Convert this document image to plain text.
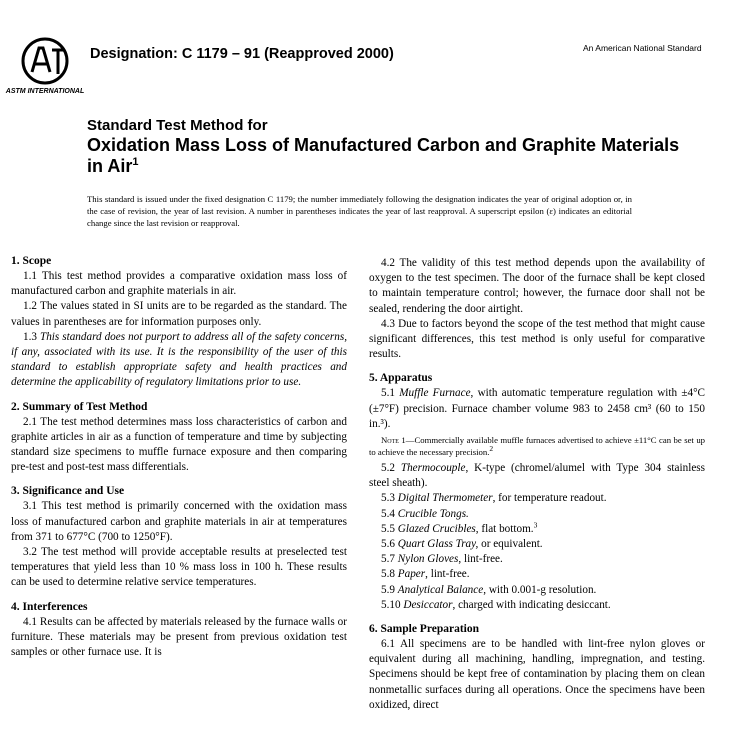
ASTM INTERNATIONAL
Designation: C 1179 – 91 (Reapproved 2000)	An American National Standard
Standard Test Method for
Oxidation Mass Loss of Manufactured Carbon and Graphite Materials in Air$^1$
This standard is issued under the fixed designation C 1179; the number immediately following the designation indicates the year of original adoption or, in the case of revision, the year of last revision. A number in parentheses indicates the year of last reapproval. A superscript epsilon (ε) indicates an editorial change since the last revision or reapproval.
1. Scope

1.1 This test method provides a comparative oxidation mass loss of manufactured carbon and graphite materials in air.

1.2 The values stated in SI units are to be regarded as the standard. The values in parentheses are for information purposes only.

1.3 This standard does not purport to address all of the safety concerns, if any, associated with its use. It is the responsibility of the user of this standard to establish appropriate safety and health practices and determine the applicability of regulatory limitations prior to use.

2. Summary of Test Method

2.1 The test method determines mass loss characteristics of carbon and graphite articles in air as a function of temperature and time by subjecting standard size specimens to muffle furnace exposure and then comparing pre-test and post-test mass differentials.

3. Significance and Use

3.1 This test method is primarily concerned with the oxidation mass loss of manufactured carbon and graphite materials in air at temperatures from 371 to 677°C (700 to 1250°F).

3.2 The test method will provide acceptable results at preselected test temperatures that yield less than 10 % mass loss in 100 h. These results can be used to determine relative service temperatures.

4. Interferences

4.1 Results can be affected by materials released by the furnace walls or furniture. These materials may be present from previous oxidation test samples or other furnace use. It is

4.2 The validity of this test method depends upon the availability of oxygen to the test specimen. The door of the furnace shall be kept closed to maintain temperature control; however, the furnace door shall not be sealed, rendering the door airtight.

4.3 Due to factors beyond the scope of the test method that might cause significant differences, this test method is only useful for comparative results.

5. Apparatus

5.1 Muffle Furnace, with automatic temperature regulation with ±4°C (±7°F) precision. Furnace chamber volume 983 to 2458 cm³ (60 to 150 in.³).

Note 1—Commercially available muffle furnaces advertised to achieve ±11°C can be set up to achieve the necessary precision.$^2$

5.2 Thermocouple, K-type (chromel/alumel with Type 304 stainless steel sheath).

5.3 Digital Thermometer, for temperature readout.

5.4 Crucible Tongs.

5.5 Glazed Crucibles, flat bottom.$^3$

5.6 Quart Glass Tray, or equivalent.

5.7 Nylon Gloves, lint-free.

5.8 Paper, lint-free.

5.9 Analytical Balance, with 0.001-g resolution.

5.10 Desiccator, charged with indicating desiccant.

6. Sample Preparation

6.1 All specimens are to be handled with lint-free nylon gloves or equivalent during all machining, handling, impregnation, and testing. Specimens should be kept free of contamination by placing them on clean nonmetallic surfaces during all operations. Once the specimens have been oxidized, direct
